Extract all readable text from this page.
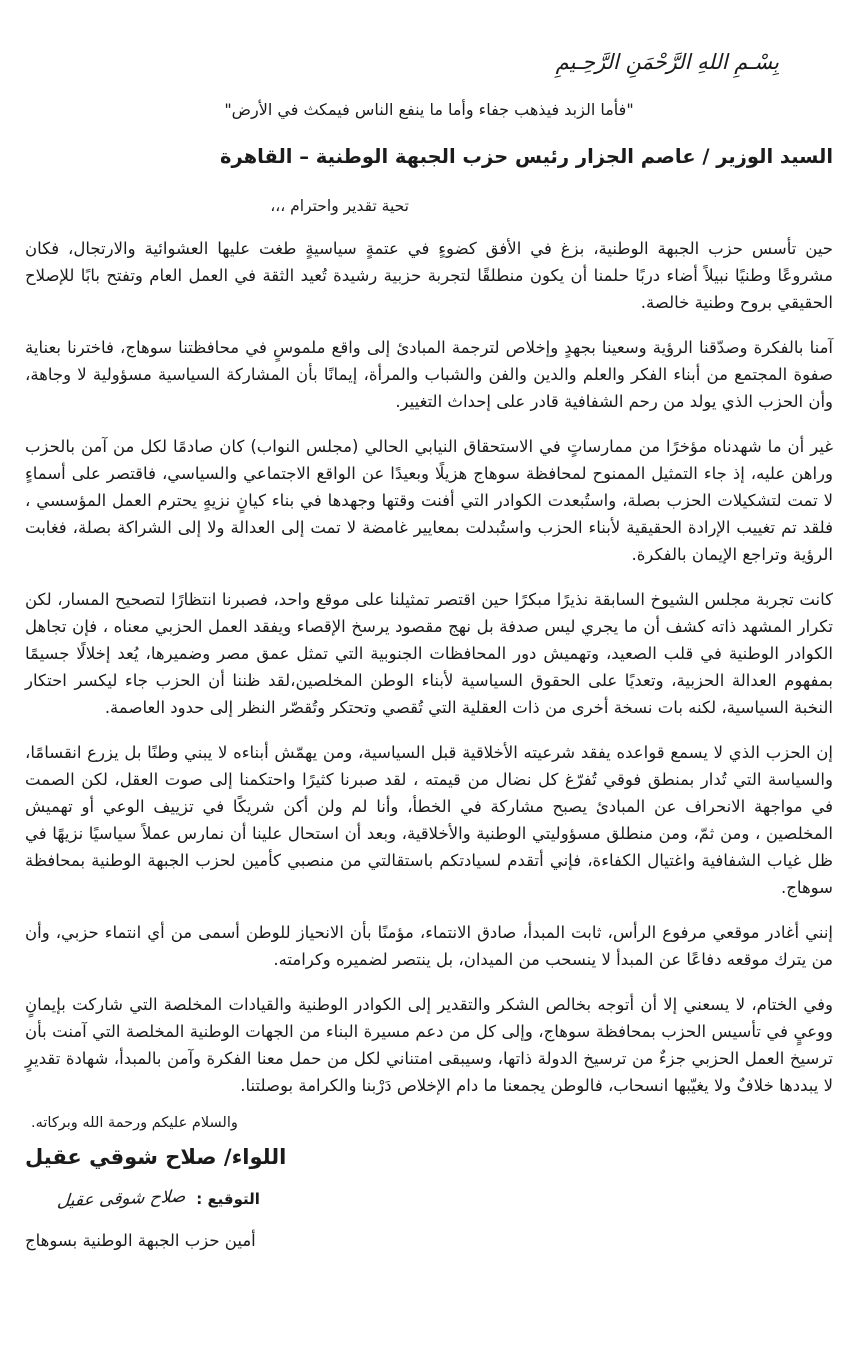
بِسْـمِ اللهِ الرَّحْمَنِ الرَّحِـيمِ
"فأما الزبد فيذهب جفاء وأما ما ينفع الناس فيمكث في الأرض"
السيد الوزير / عاصم الجزار رئيس حزب الجبهة الوطنية – القاهرة
تحية تقدير واحترام ،،،

حين تأسس حزب الجبهة الوطنية، بزغ في الأفق كضوءٍ في عتمةٍ سياسيةٍ طغت عليها العشوائية والارتجال، فكان مشروعًا وطنيًا نبيلاً أضاء دربًا حلمنا أن يكون منطلقًا لتجربة حزبية رشيدة تُعيد الثقة في العمل العام وتفتح بابًا للإصلاح الحقيقي بروح وطنية خالصة.

آمنا بالفكرة وصدّقنا الرؤية وسعينا بجهدٍ وإخلاص لترجمة المبادئ إلى واقع ملموسٍ في محافظتنا سوهاج، فاخترنا بعناية صفوة المجتمع من أبناء الفكر والعلم والدين والفن والشباب والمرأة، إيمانًا بأن المشاركة السياسية مسؤولية لا وجاهة، وأن الحزب الذي يولد من رحم الشفافية قادر على إحداث التغيير.

غير أن ما شهدناه مؤخرًا من ممارساتٍ في الاستحقاق النيابي الحالي (مجلس النواب) كان صادمًا لكل من آمن بالحزب وراهن عليه، إذ جاء التمثيل الممنوح لمحافظة سوهاج هزيلًا وبعيدًا عن الواقع الاجتماعي والسياسي، فاقتصر على أسماءٍ لا تمت لتشكيلات الحزب بصلة، واستُبعدت الكوادر التي أفنت وقتها وجهدها في بناء كيانٍ نزيهٍ يحترم العمل المؤسسي ، فلقد تم تغييب الإرادة الحقيقية لأبناء الحزب واستُبدلت بمعايير غامضة لا تمت إلى العدالة ولا إلى الشراكة بصلة، فغابت الرؤية وتراجع الإيمان بالفكرة.

كانت تجربة مجلس الشيوخ السابقة نذيرًا مبكرًا حين اقتصر تمثيلنا على موقع واحد، فصبرنا انتظارًا لتصحيح المسار، لكن تكرار المشهد ذاته كشف أن ما يجري ليس صدفة بل نهج مقصود يرسخ الإقصاء ويفقد العمل الحزبي معناه ، فإن تجاهل الكوادر الوطنية في قلب الصعيد، وتهميش دور المحافظات الجنوبية التي تمثل عمق مصر وضميرها، يُعد إخلالًا جسيمًا بمفهوم العدالة الحزبية، وتعديًا على الحقوق السياسية لأبناء الوطن المخلصين،لقد ظننا أن الحزب جاء ليكسر احتكار النخبة السياسية، لكنه بات نسخة أخرى من ذات العقلية التي تُقصي وتحتكر وتُقصّر النظر إلى حدود العاصمة.

إن الحزب الذي لا يسمع قواعده يفقد شرعيته الأخلاقية قبل السياسية، ومن يهمّش أبناءه لا يبني وطنًا بل يزرع انقسامًا، والسياسة التي تُدار بمنطق فوقي تُفرّغ كل نضال من قيمته ، لقد صبرنا كثيرًا واحتكمنا إلى صوت العقل، لكن الصمت في مواجهة الانحراف عن المبادئ يصبح مشاركة في الخطأ، وأنا لم ولن أكن شريكًا في تزييف الوعي أو تهميش المخلصين ، ومن ثمّ، ومن منطلق مسؤوليتي الوطنية والأخلاقية، وبعد أن استحال علينا أن نمارس عملاً سياسيًا نزيهًا في ظل غياب الشفافية واغتيال الكفاءة، فإني أتقدم لسيادتكم باستقالتي من منصبي كأمين لحزب الجبهة الوطنية بمحافظة سوهاج.

إنني أغادر موقعي مرفوع الرأس، ثابت المبدأ، صادق الانتماء، مؤمنًا بأن الانحياز للوطن أسمى من أي انتماء حزبي، وأن من يترك موقعه دفاعًا عن المبدأ لا ينسحب من الميدان، بل ينتصر لضميره وكرامته.

وفي الختام، لا يسعني إلا أن أتوجه بخالص الشكر والتقدير إلى الكوادر الوطنية والقيادات المخلصة التي شاركت بإيمانٍ ووعيٍ في تأسيس الحزب بمحافظة سوهاج، وإلى كل من دعم مسيرة البناء من الجهات الوطنية المخلصة التي آمنت بأن ترسيخ العمل الحزبي جزءٌ من ترسيخ الدولة ذاتها، وسيبقى امتناني لكل من حمل معنا الفكرة وآمن بالمبدأ، شهادة تقديرٍ لا يبددها خلافٌ ولا يغيّبها انسحاب، فالوطن يجمعنا ما دام الإخلاص دَرْبنا والكرامة بوصلتنا.

والسلام عليكم ورحمة الله وبركاته.
اللواء/ صلاح شوقي عقيل
التوقيع : صلاح شوقى عقيل
أمين حزب الجبهة الوطنية بسوهاج
